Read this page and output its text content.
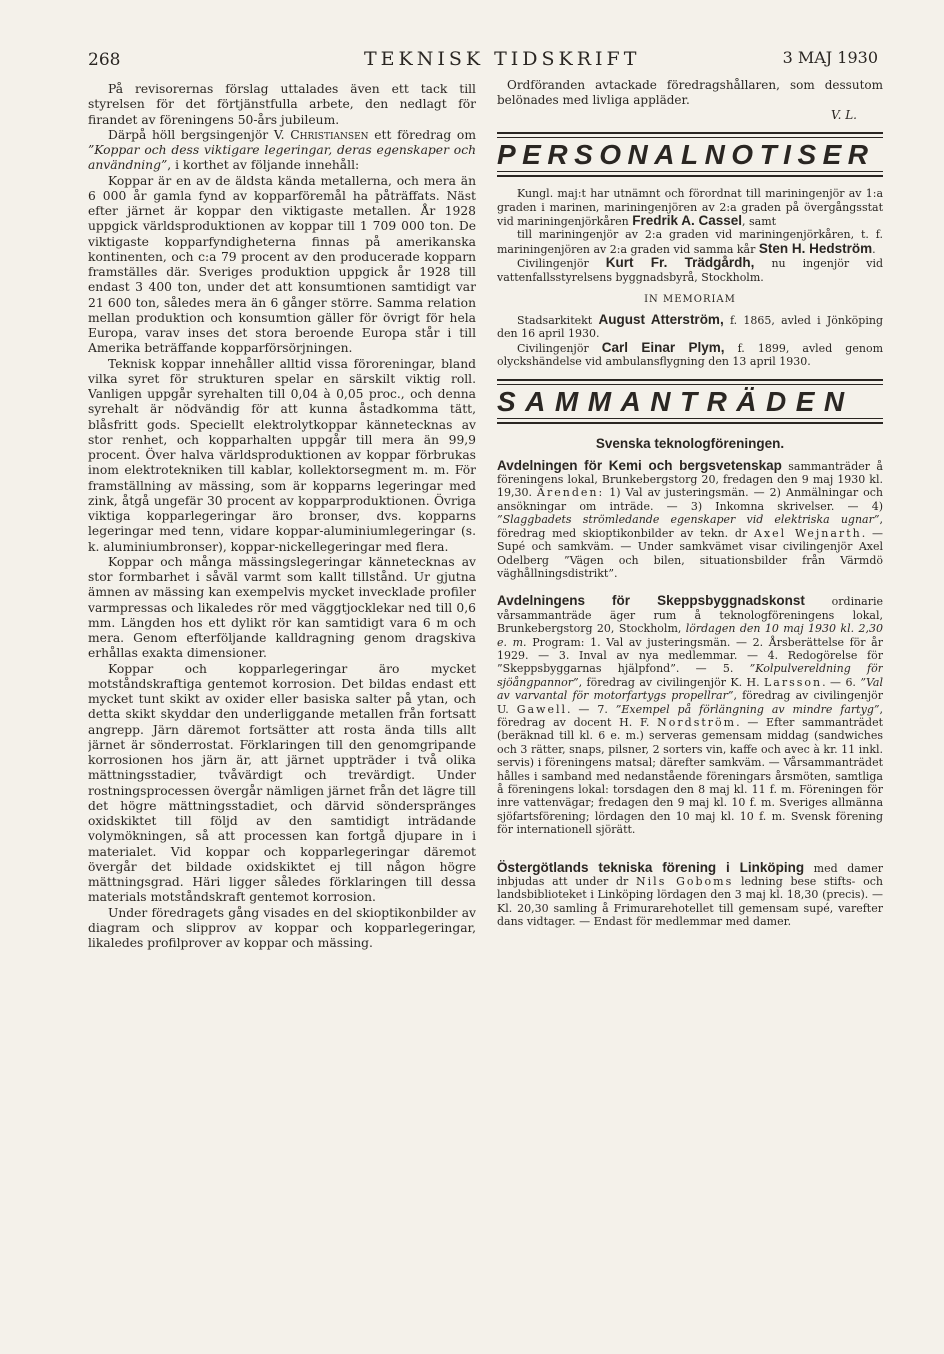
268	TEKNISK TIDSKRIFT	3 MAJ 1930

På revisorernas förslag uttalades även ett tack till styrelsen för det förtjänstfulla arbete, den nedlagt för firandet av föreningens 50-års jubileum.

Därpå höll bergsingenjör V. Christiansen ett föredrag om ”Koppar och dess viktigare legeringar, deras egenskaper och användning”, i korthet av följande innehåll:

Koppar är en av de äldsta kända metallerna, och mera än 6 000 år gamla fynd av kopparföremål ha påträffats. Näst efter järnet är koppar den viktigaste metallen. År 1928 uppgick världsproduktionen av koppar till 1 709 000 ton. De viktigaste kopparfyndigheterna finnas på amerikanska kontinenten, och c:a 79 procent av den producerade kopparn framställes där. Sveriges produktion uppgick år 1928 till endast 3 400 ton, under det att konsumtionen samtidigt var 21 600 ton, således mera än 6 gånger större. Samma relation mellan produktion och konsumtion gäller för övrigt för hela Europa, varav inses det stora beroende Europa står i till Amerika beträffande kopparförsörjningen.

Teknisk koppar innehåller alltid vissa föroreningar, bland vilka syret för strukturen spelar en särskilt viktig roll. Vanligen uppgår syrehalten till 0,04 à 0,05 proc., och denna syrehalt är nödvändig för att kunna åstadkomma tätt, blåsfritt gods. Speciellt elektrolytkoppar kännetecknas av stor renhet, och kopparhalten uppgår till mera än 99,9 procent. Över halva världsproduktionen av koppar förbrukas inom elektrotekniken till kablar, kollektorsegment m. m. För framställning av mässing, som är kopparns legeringar med zink, åtgå ungefär 30 procent av kopparproduktionen. Övriga viktiga kopparlegeringar äro bronser, dvs. kopparns legeringar med tenn, vidare koppar-aluminiumlegeringar (s. k. aluminiumbronser), koppar-nickellegeringar med flera.

Koppar och många mässingslegeringar kännetecknas av stor formbarhet i såväl varmt som kallt tillstånd. Ur gjutna ämnen av mässing kan exempelvis mycket invecklade profiler varmpressas och likaledes rör med väggtjocklekar ned till 0,6 mm. Längden hos ett dylikt rör kan samtidigt vara 6 m och mera. Genom efterföljande kalldragning genom dragskiva erhållas exakta dimensioner.

Koppar och kopparlegeringar äro mycket motståndskraftiga gentemot korrosion. Det bildas endast ett mycket tunt skikt av oxider eller basiska salter på ytan, och detta skikt skyddar den underliggande metallen från fortsatt angrepp. Järn däremot fortsätter att rosta ända tills allt järnet är sönderrostat. Förklaringen till den genomgripande korrosionen hos järn är, att järnet uppträder i två olika mättningsstadier, tvåvärdigt och trevärdigt. Under rostningsprocessen övergår nämligen järnet från det lägre till det högre mättningsstadiet, och därvid sönderspränges oxidskiktet till följd av den samtidigt inträdande volymökningen, så att processen kan fortgå djupare in i materialet. Vid koppar och kopparlegeringar däremot övergår det bildade oxidskiktet ej till någon högre mättningsgrad. Häri ligger således förklaringen till dessa materials motståndskraft gentemot korrosion.

Under föredragets gång visades en del skioptikonbilder av diagram och slipprov av koppar och kopparlegeringar, likaledes profilprover av koppar och mässing.

Ordföranden avtackade föredragshållaren, som dessutom belönades med livliga appläder.

V. L.
PERSONALNOTISER

Kungl. maj:t har utnämnt och förordnat till mariningenjör av 1:a graden i marinen, mariningenjören av 2:a graden på övergångsstat vid mariningenjörkåren Fredrik A. Cassel, samt

till mariningenjör av 2:a graden vid mariningenjörkåren, t. f. mariningenjören av 2:a graden vid samma kår Sten H. Hedström.

Civilingenjör Kurt Fr. Trädgårdh, nu ingenjör vid vattenfallsstyrelsens byggnadsbyrå, Stockholm.

IN MEMORIAM

Stadsarkitekt August Atterström, f. 1865, avled i Jönköping den 16 april 1930.

Civilingenjör Carl Einar Plym, f. 1899, avled genom olyckshändelse vid ambulansflygning den 13 april 1930.

SAMMANTRÄDEN
Svenska teknologföreningen.

Avdelningen för Kemi och bergsvetenskap sammanträder å föreningens lokal, Brunkebergstorg 20, fredagen den 9 maj 1930 kl. 19,30. Ärenden: 1) Val av justeringsmän. — 2) Anmälningar och ansökningar om inträde. — 3) Inkomna skrivelser. — 4) ”Slaggbadets strömledande egenskaper vid elektriska ugnar”, föredrag med skioptikonbilder av tekn. dr Axel Wejnarth. — Supé och samkväm. — Under samkvämet visar civilingenjör Axel Odelberg ”Vägen och bilen, situationsbilder från Värmdö väghållningsdistrikt”.

Avdelningens för Skeppsbyggnadskonst ordinarie vårsammanträde äger rum å teknologföreningens lokal, Brunkebergstorg 20, Stockholm, lördagen den 10 maj 1930 kl. 2,30 e. m. Program: 1. Val av justeringsmän. — 2. Årsberättelse för år 1929. — 3. Inval av nya medlemmar. — 4. Redogörelse för ”Skeppsbyggarnas hjälpfond”. — 5. ”Kolpulvereldning för sjöångpannor”, föredrag av civilingenjör K. H. Larsson. — 6. ”Val av varvantal för motorfartygs propellrar”, föredrag av civilingenjör U. Gawell. — 7. ”Exempel på förlängning av mindre fartyg”, föredrag av docent H. F. Nordström. — Efter sammanträdet (beräknad till kl. 6 e. m.) serveras gemensam middag (sandwiches och 3 rätter, snaps, pilsner, 2 sorters vin, kaffe och avec à kr. 11 inkl. servis) i föreningens matsal; därefter samkväm. — Vårsammanträdet hålles i samband med nedanstående föreningars årsmöten, samtliga å föreningens lokal: torsdagen den 8 maj kl. 11 f. m. Föreningen för inre vattenvägar; fredagen den 9 maj kl. 10 f. m. Sveriges allmänna sjöfartsförening; lördagen den 10 maj kl. 10 f. m. Svensk förening för internationell sjörätt.

Östergötlands tekniska förening i Linköping med damer inbjudas att under dr Nils Goboms ledning bese stifts- och landsbiblioteket i Linköping lördagen den 3 maj kl. 18,30 (precis). — Kl. 20,30 samling å Frimurarehotellet till gemensam supé, varefter dans vidtager. — Endast för medlemmar med damer.
